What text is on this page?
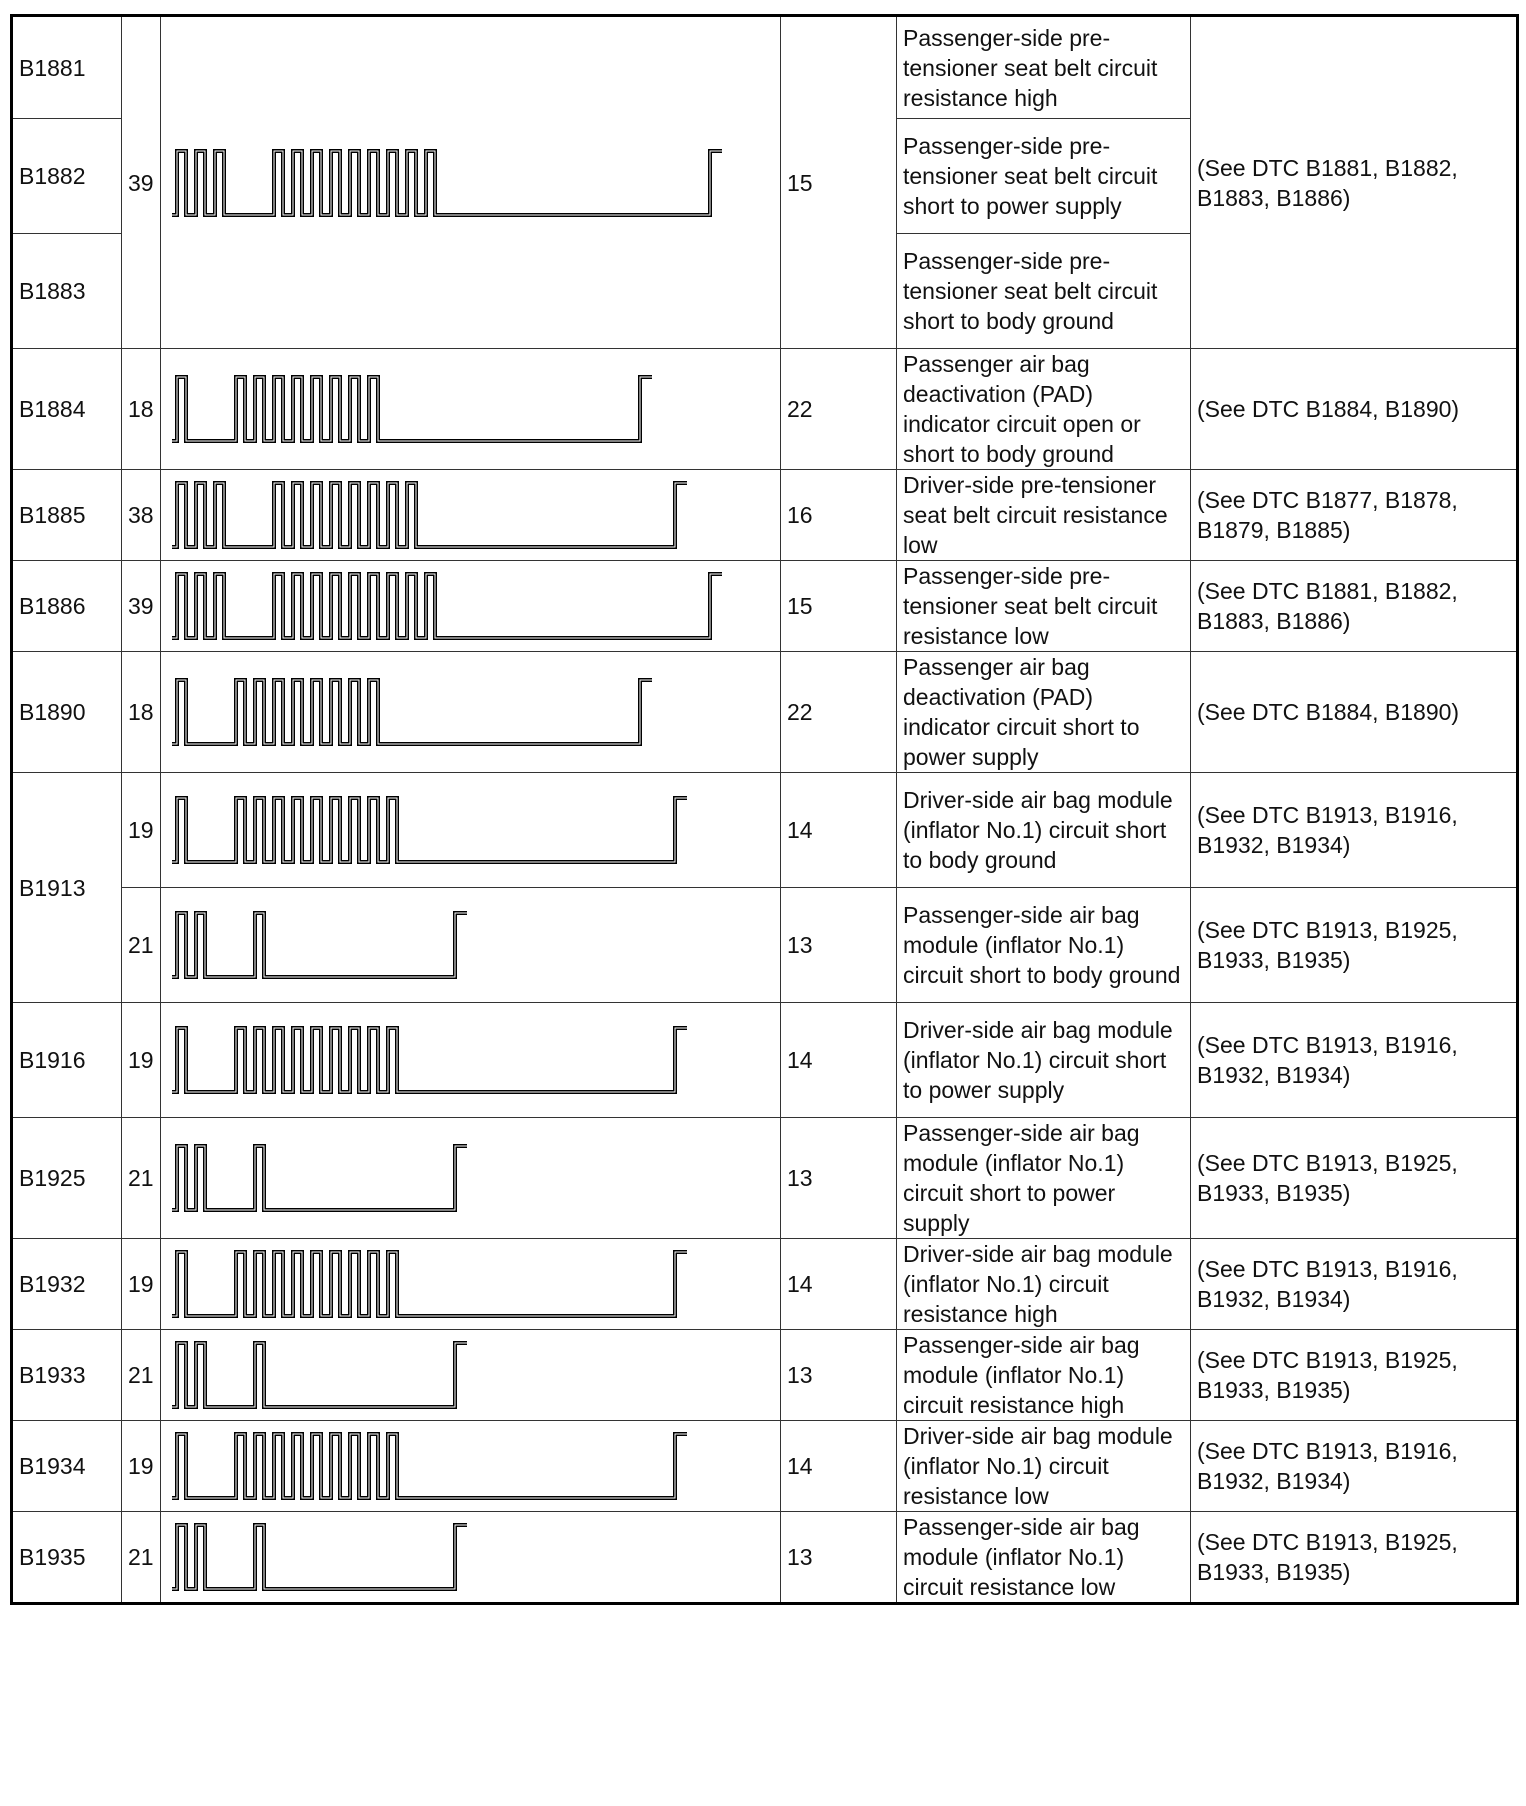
B1881	39		15	Passenger-side pre-tensioner seat belt circuit resistance high	(See DTC B1881, B1882, B1883, B1886)
B1882				Passenger-side pre-tensioner seat belt circuit short to power supply	
B1883				Passenger-side pre-tensioner seat belt circuit short to body ground	
B1884	18		22	Passenger air bag deactivation (PAD) indicator circuit open or short to body ground	(See DTC B1884, B1890)
B1885	38		16	Driver-side pre-tensioner seat belt circuit resistance low	(See DTC B1877, B1878, B1879, B1885)
B1886	39		15	Passenger-side pre-tensioner seat belt circuit resistance low	(See DTC B1881, B1882, B1883, B1886)
B1890	18		22	Passenger air bag deactivation (PAD) indicator circuit short to power supply	(See DTC B1884, B1890)
B1913	19		14	Driver-side air bag module (inflator No.1) circuit short to body ground	(See DTC B1913, B1916, B1932, B1934)
	21		13	Passenger-side air bag module (inflator No.1) circuit short to body ground	(See DTC B1913, B1925, B1933, B1935)
B1916	19		14	Driver-side air bag module (inflator No.1) circuit short to power supply	(See DTC B1913, B1916, B1932, B1934)
B1925	21		13	Passenger-side air bag module (inflator No.1) circuit short to power supply	(See DTC B1913, B1925, B1933, B1935)
B1932	19		14	Driver-side air bag module (inflator No.1) circuit resistance high	(See DTC B1913, B1916, B1932, B1934)
B1933	21		13	Passenger-side air bag module (inflator No.1) circuit resistance high	(See DTC B1913, B1925, B1933, B1935)
B1934	19		14	Driver-side air bag module (inflator No.1) circuit resistance low	(See DTC B1913, B1916, B1932, B1934)
B1935	21		13	Passenger-side air bag module (inflator No.1) circuit resistance low	(See DTC B1913, B1925, B1933, B1935)
